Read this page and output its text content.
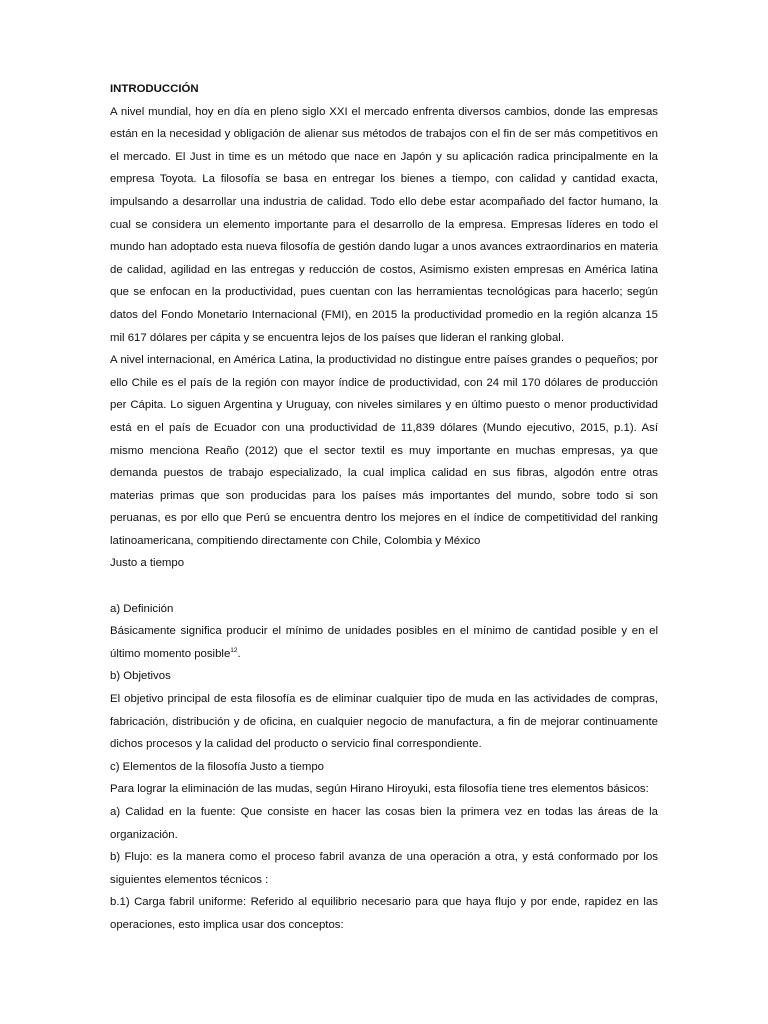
INTRODUCCIÓN

A nivel mundial, hoy en día en pleno siglo XXI el mercado enfrenta diversos cambios, donde las empresas están en la necesidad y obligación de alienar sus métodos de trabajos con el fin de ser más competitivos en el mercado. El Just in time es un método que nace en Japón y su aplicación radica principalmente en la empresa Toyota. La filosofía se basa en entregar los bienes a tiempo, con calidad y cantidad exacta, impulsando a desarrollar una industria de calidad. Todo ello debe estar acompañado del factor humano, la cual se considera un elemento importante para el desarrollo de la empresa. Empresas líderes en todo el mundo han adoptado esta nueva filosofía de gestión dando lugar a unos avances extraordinarios en materia de calidad, agilidad en las entregas y reducción de costos, Asimismo existen empresas en América latina que se enfocan en la productividad, pues cuentan con las herramientas tecnológicas para hacerlo; según datos del Fondo Monetario Internacional (FMI), en 2015 la productividad promedio en la región alcanza 15 mil 617 dólares per cápita y se encuentra lejos de los países que lideran el ranking global.

A nivel internacional, en América Latina, la productividad no distingue entre países grandes o pequeños; por ello Chile es el país de la región con mayor índice de productividad, con 24 mil 170 dólares de producción per Cápita. Lo siguen Argentina y Uruguay, con niveles similares y en último puesto o menor productividad está en el país de Ecuador con una productividad de 11,839 dólares (Mundo ejecutivo, 2015, p.1). Así mismo menciona Reaño (2012) que el sector textil es muy importante en muchas empresas, ya que demanda puestos de trabajo especializado, la cual implica calidad en sus fibras, algodón entre otras materias primas que son producidas para los países más importantes del mundo, sobre todo si son peruanas, es por ello que Perú se encuentra dentro los mejores en el índice de competitividad del ranking latinoamericana, compitiendo directamente con Chile, Colombia y México

Justo a tiempo

a) Definición

Básicamente significa producir el mínimo de unidades posibles en el mínimo de cantidad posible y en el último momento posible$^{12}$.

b) Objetivos

El objetivo principal de esta filosofía es de eliminar cualquier tipo de muda en las actividades de compras, fabricación, distribución y de oficina, en cualquier negocio de manufactura, a fin de mejorar continuamente dichos procesos y la calidad del producto o servicio final correspondiente.

c) Elementos de la filosofía Justo a tiempo

Para lograr la eliminación de las mudas, según Hirano Hiroyuki, esta filosofía tiene tres elementos básicos:

a) Calidad en la fuente: Que consiste en hacer las cosas bien la primera vez en todas las áreas de la organización.

b) Flujo: es la manera como el proceso fabril avanza de una operación a otra, y está conformado por los siguientes elementos técnicos :

b.1) Carga fabril uniforme: Referido al equilibrio necesario para que haya flujo y por ende, rapidez en las operaciones, esto implica usar dos conceptos:
